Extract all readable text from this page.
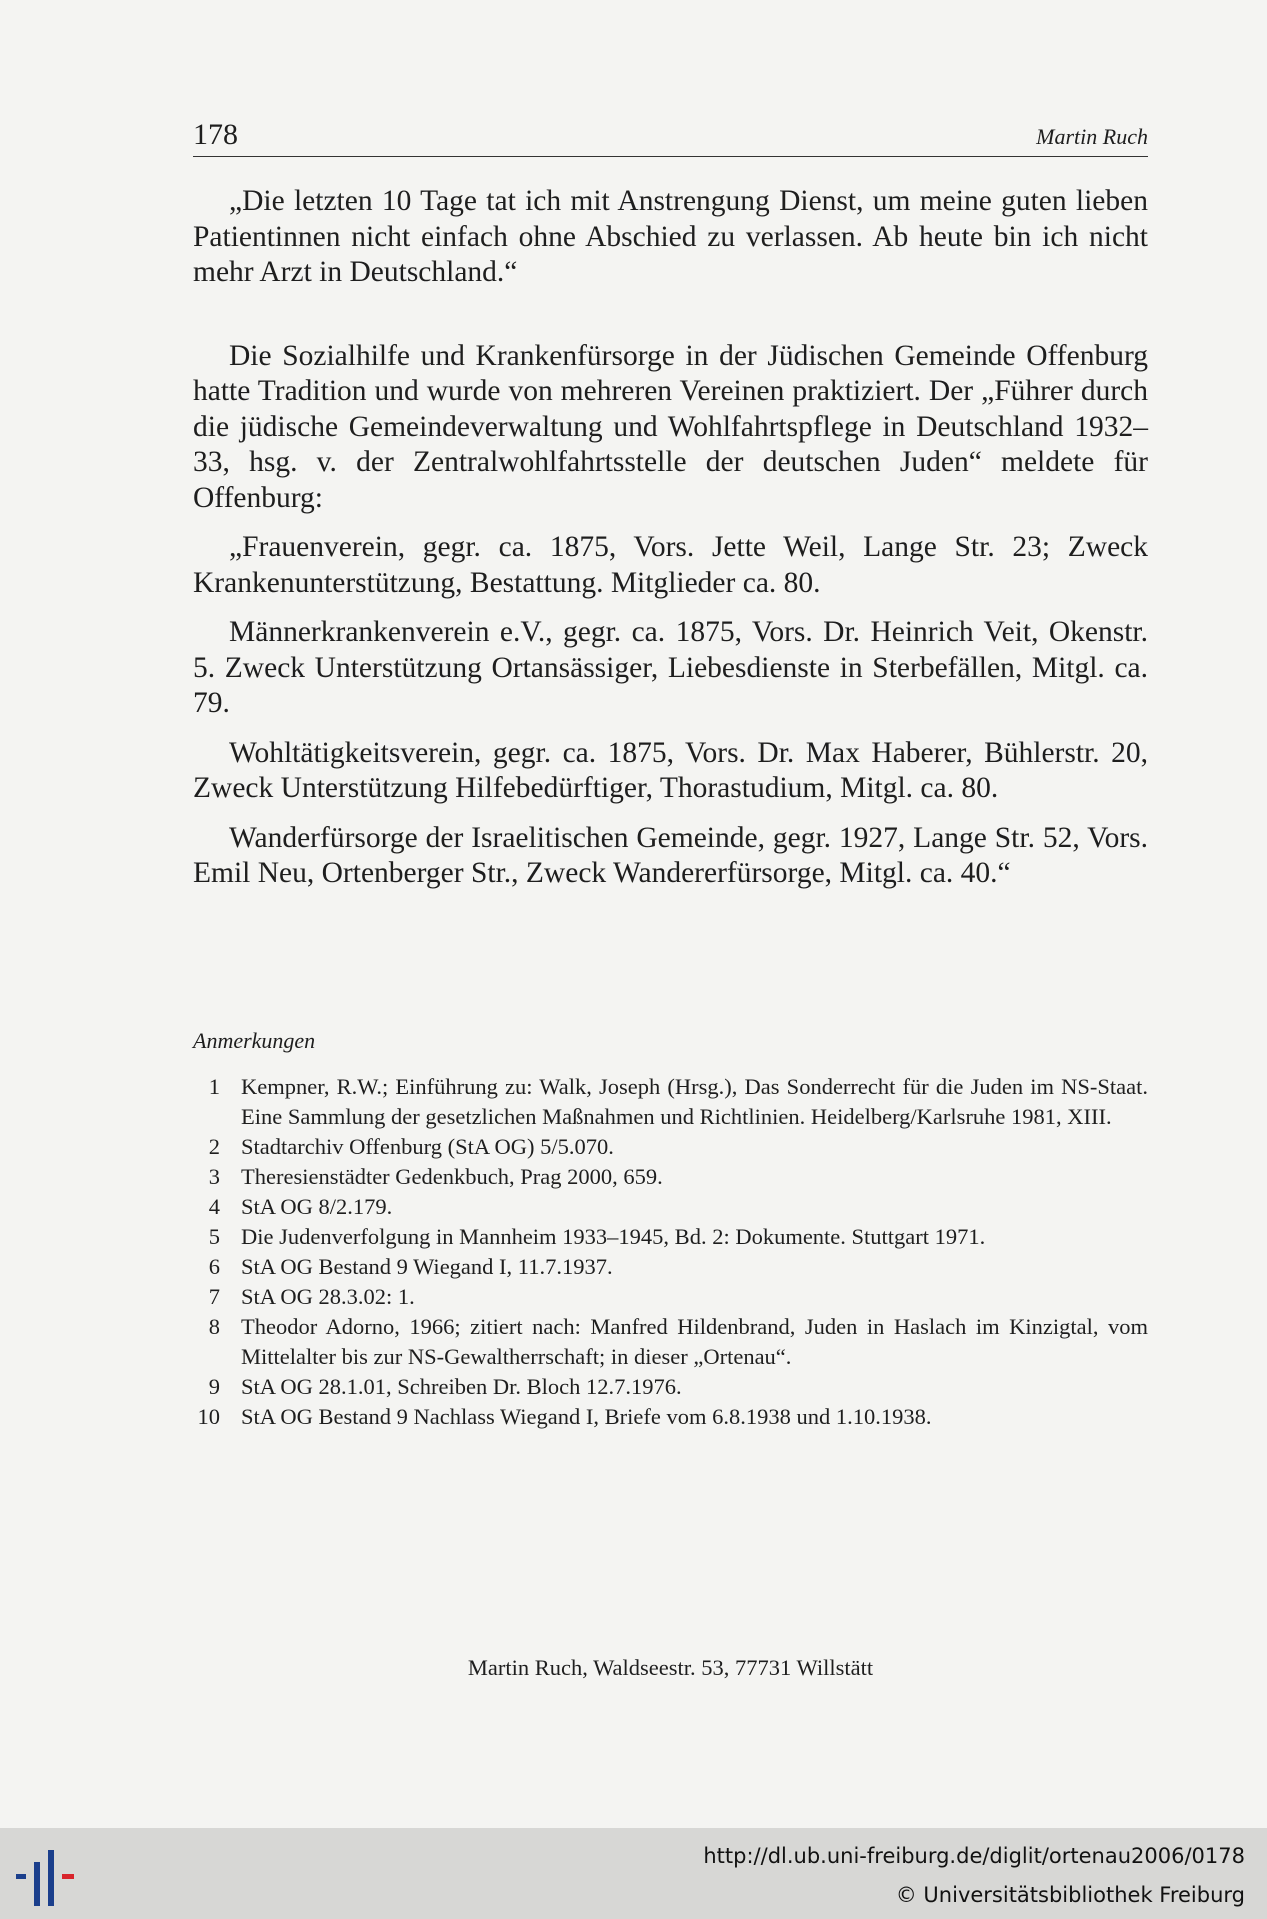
178	Martin Ruch

„Die letzten 10 Tage tat ich mit Anstrengung Dienst, um meine guten lieben Patientinnen nicht einfach ohne Abschied zu verlassen. Ab heute bin ich nicht mehr Arzt in Deutschland.“

Die Sozialhilfe und Krankenfürsorge in der Jüdischen Gemeinde Offenburg hatte Tradition und wurde von mehreren Vereinen praktiziert. Der „Führer durch die jüdische Gemeindeverwaltung und Wohlfahrtspflege in Deutschland 1932–33, hsg. v. der Zentralwohlfahrtsstelle der deutschen Juden“ meldete für Offenburg:

„Frauenverein, gegr. ca. 1875, Vors. Jette Weil, Lange Str. 23; Zweck Krankenunterstützung, Bestattung. Mitglieder ca. 80.

Männerkrankenverein e.V., gegr. ca. 1875, Vors. Dr. Heinrich Veit, Okenstr. 5. Zweck Unterstützung Ortansässiger, Liebesdienste in Sterbefällen, Mitgl. ca. 79.

Wohltätigkeitsverein, gegr. ca. 1875, Vors. Dr. Max Haberer, Bühlerstr. 20, Zweck Unterstützung Hilfebedürftiger, Thorastudium, Mitgl. ca. 80.

Wanderfürsorge der Israelitischen Gemeinde, gegr. 1927, Lange Str. 52, Vors. Emil Neu, Ortenberger Str., Zweck Wandererfürsorge, Mitgl. ca. 40.“

Anmerkungen
1 Kempner, R.W.; Einführung zu: Walk, Joseph (Hrsg.), Das Sonderrecht für die Juden im NS-Staat. Eine Sammlung der gesetzlichen Maßnahmen und Richtlinien. Heidelberg/Karlsruhe 1981, XIII.
2 Stadtarchiv Offenburg (StA OG) 5/5.070.
3 Theresienstädter Gedenkbuch, Prag 2000, 659.
4 StA OG 8/2.179.
5 Die Judenverfolgung in Mannheim 1933–1945, Bd. 2: Dokumente. Stuttgart 1971.
6 StA OG Bestand 9 Wiegand I, 11.7.1937.
7 StA OG 28.3.02: 1.
8 Theodor Adorno, 1966; zitiert nach: Manfred Hildenbrand, Juden in Haslach im Kinzigtal, vom Mittelalter bis zur NS-Gewaltherrschaft; in dieser „Ortenau“.
9 StA OG 28.1.01, Schreiben Dr. Bloch 12.7.1976.
10 StA OG Bestand 9 Nachlass Wiegand I, Briefe vom 6.8.1938 und 1.10.1938.
Martin Ruch, Waldseestr. 53, 77731 Willstätt
http://dl.ub.uni-freiburg.de/diglit/ortenau2006/0178
© Universitätsbibliothek Freiburg
